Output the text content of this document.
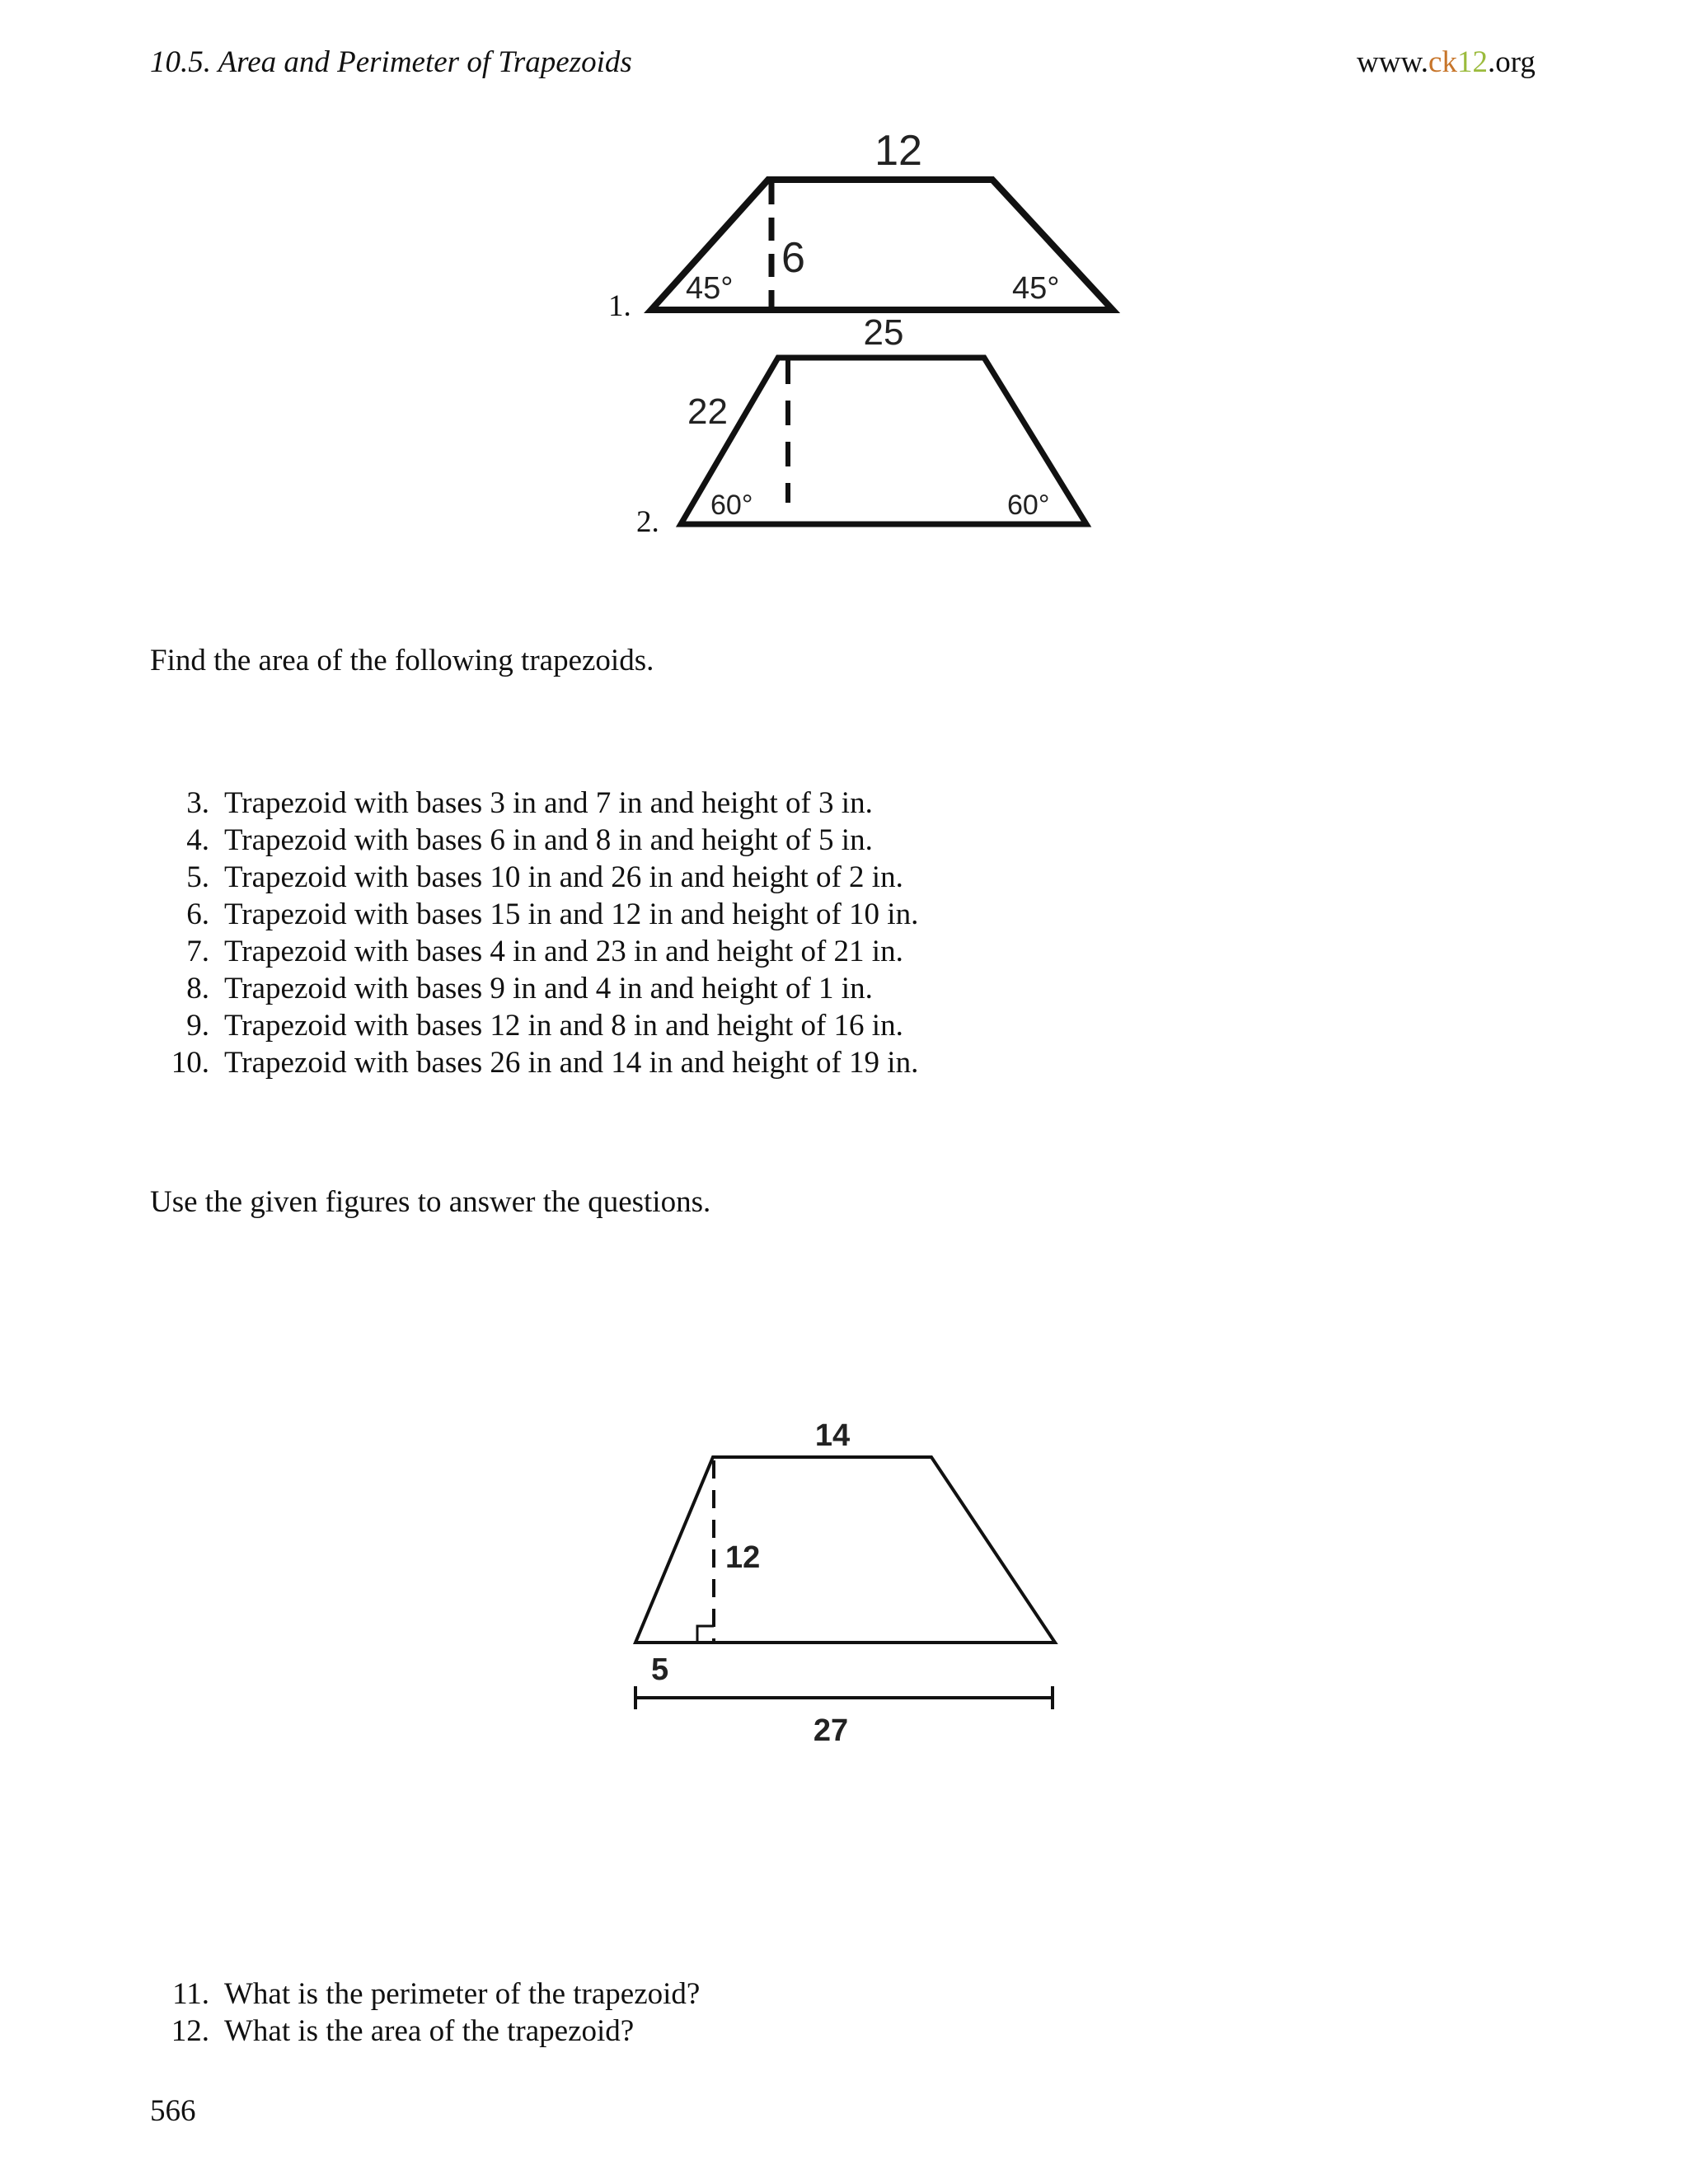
10.5. Area and Perimeter of Trapezoids	www.ck12.org
1.
12
6
45°	45°
2.
25
22
60°	60°
Find the area of the following trapezoids.
3. Trapezoid with bases 3 in and 7 in and height of 3 in.
4. Trapezoid with bases 6 in and 8 in and height of 5 in.
5. Trapezoid with bases 10 in and 26 in and height of 2 in.
6. Trapezoid with bases 15 in and 12 in and height of 10 in.
7. Trapezoid with bases 4 in and 23 in and height of 21 in.
8. Trapezoid with bases 9 in and 4 in and height of 1 in.
9. Trapezoid with bases 12 in and 8 in and height of 16 in.
10. Trapezoid with bases 26 in and 14 in and height of 19 in.
Use the given figures to answer the questions.
14
12
5
27
11. What is the perimeter of the trapezoid?
12. What is the area of the trapezoid?
566
